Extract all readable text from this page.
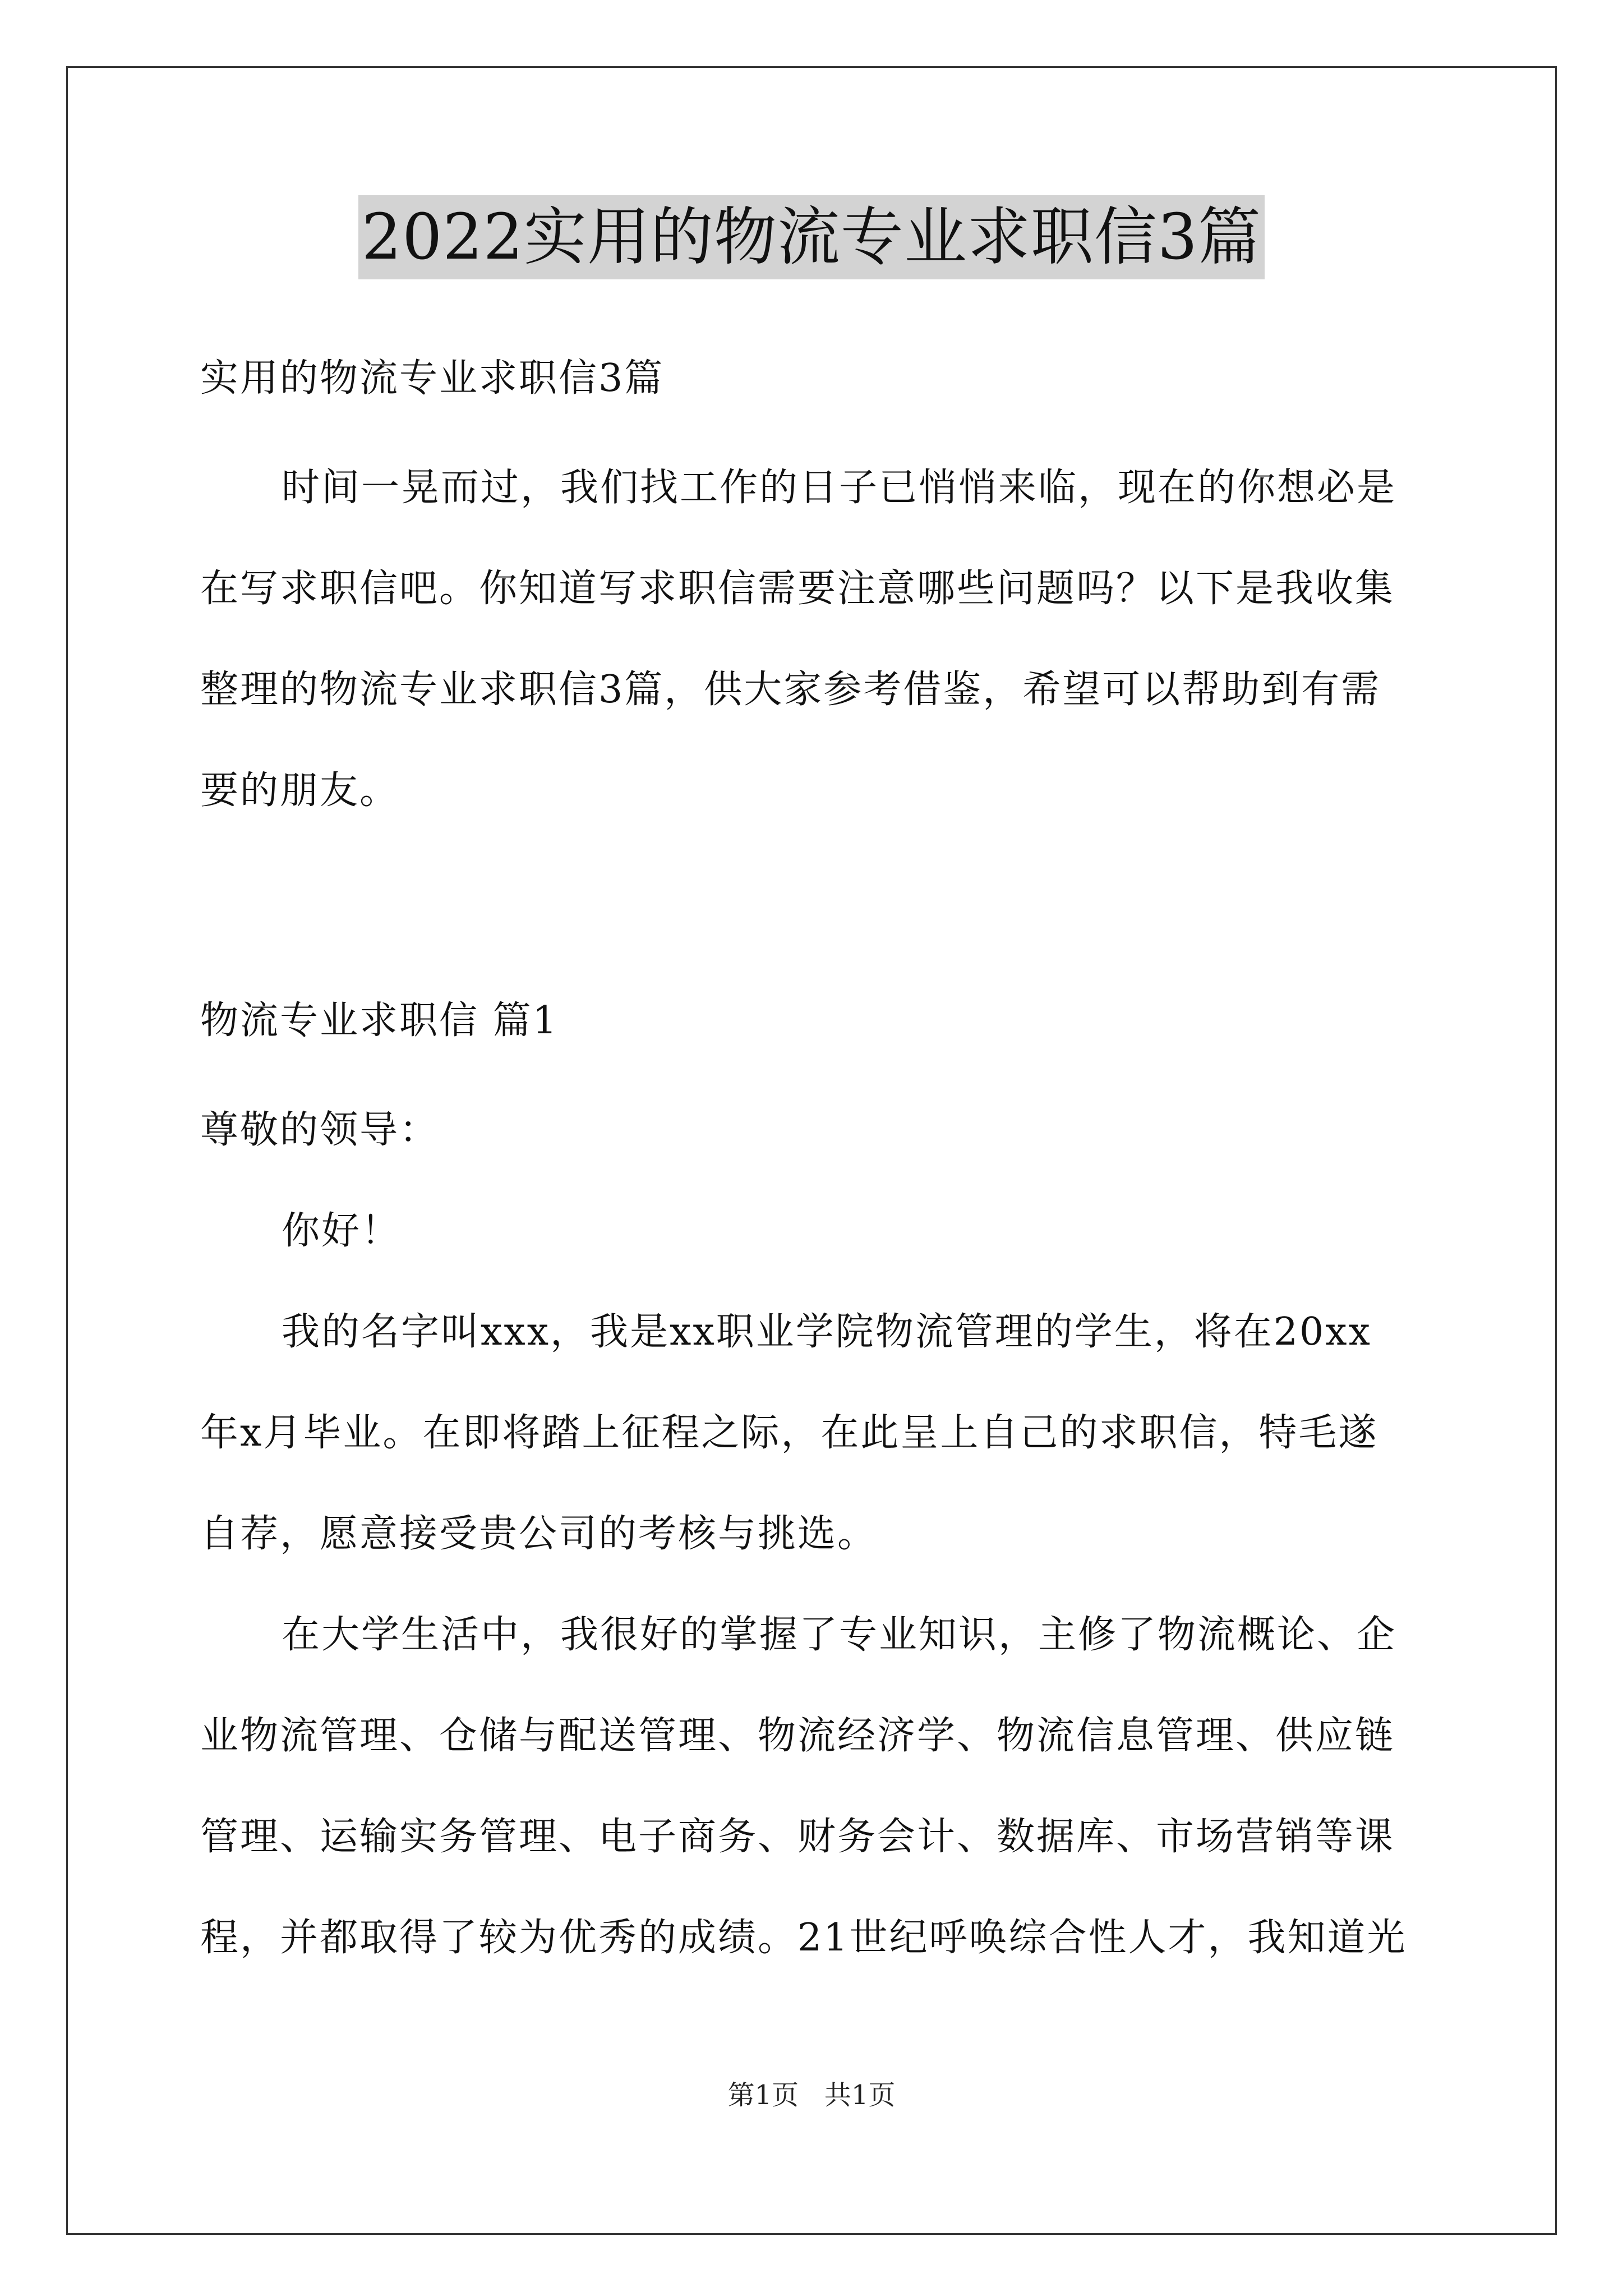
2022实用的物流专业求职信3篇

实用的物流专业求职信3篇

时间一晃而过，我们找工作的日子已悄悄来临，现在的你想必是

在写求职信吧。你知道写求职信需要注意哪些问题吗？以下是我收集

整理的物流专业求职信3篇，供大家参考借鉴，希望可以帮助到有需

要的朋友。

物流专业求职信 篇1

尊敬的领导：

你好！

我的名字叫xxx，我是xx职业学院物流管理的学生，将在20xx

年x月毕业。在即将踏上征程之际，在此呈上自己的求职信，特毛遂

自荐，愿意接受贵公司的考核与挑选。

在大学生活中，我很好的掌握了专业知识，主修了物流概论、企

业物流管理、仓储与配送管理、物流经济学、物流信息管理、供应链

管理、运输实务管理、电子商务、财务会计、数据库、市场营销等课

程，并都取得了较为优秀的成绩。21世纪呼唤综合性人才，我知道光

第1页   共1页
